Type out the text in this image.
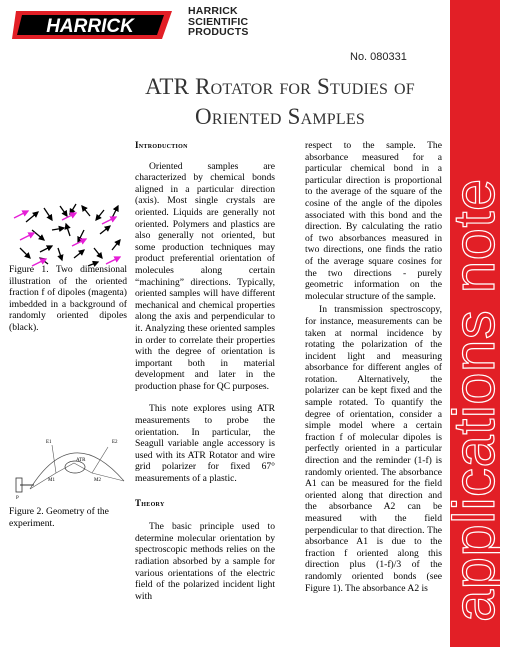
HARRICK
HARRICK
SCIENTIFIC
PRODUCTS
No. 080331
ATR Rotator for Studies of
Oriented Samples
applications note

Figure 1. Two dimensional illustration of the oriented fraction f of dipoles (magenta) imbedded in a background of randomly oriented dipoles (black).

E1	E2
ATR
M1	M2
P

Figure 2. Geometry of the experiment.

Introduction

Oriented samples are characterized by chemical bonds aligned in a particular direction (axis). Most single crystals are oriented. Liquids are generally not oriented. Polymers and plastics are also generally not oriented, but some production techniques may product preferential orientation of molecules along certain “machining” directions. Typically, oriented samples will have different mechanical and chemical properties along the axis and perpendicular to it. Analyzing these oriented samples in order to correlate their properties with the degree of orientation is important both in material development and later in the production phase for QC purposes.

This note explores using ATR measurements to probe the orientation. In particular, the Seagull variable angle accessory is used with its ATR Rotator and wire grid polarizer for fixed 67° measurements of a plastic.

Theory

The basic principle used to determine molecular orientation by spectroscopic methods relies on the radiation absorbed by a sample for various orientations of the electric field of the polarized incident light with

respect to the sample. The absorbance measured for a particular chemical bond in a particular direction is proportional to the average of the square of the cosine of the angle of the dipoles associated with this bond and the direction. By calculating the ratio of two absorbances measured in two directions, one finds the ratio of the average square cosines for the two directions - purely geometric information on the molecular structure of the sample.

In transmission spectroscopy, for instance, measurements can be taken at normal incidence by rotating the polarization of the incident light and measuring absorbance for different angles of rotation. Alternatively, the polarizer can be kept fixed and the sample rotated. To quantify the degree of orientation, consider a simple model where a certain fraction f of molecular dipoles is perfectly oriented in a particular direction and the reminder (1-f) is randomly oriented. The absorbance A1 can be measured for the field oriented along that direction and the absorbance A2 can be measured with the field perpendicular to that direction. The absorbance A1 is due to the fraction f oriented along this direction plus (1-f)/3 of the randomly oriented bonds (see Figure 1). The absorbance A2 is
